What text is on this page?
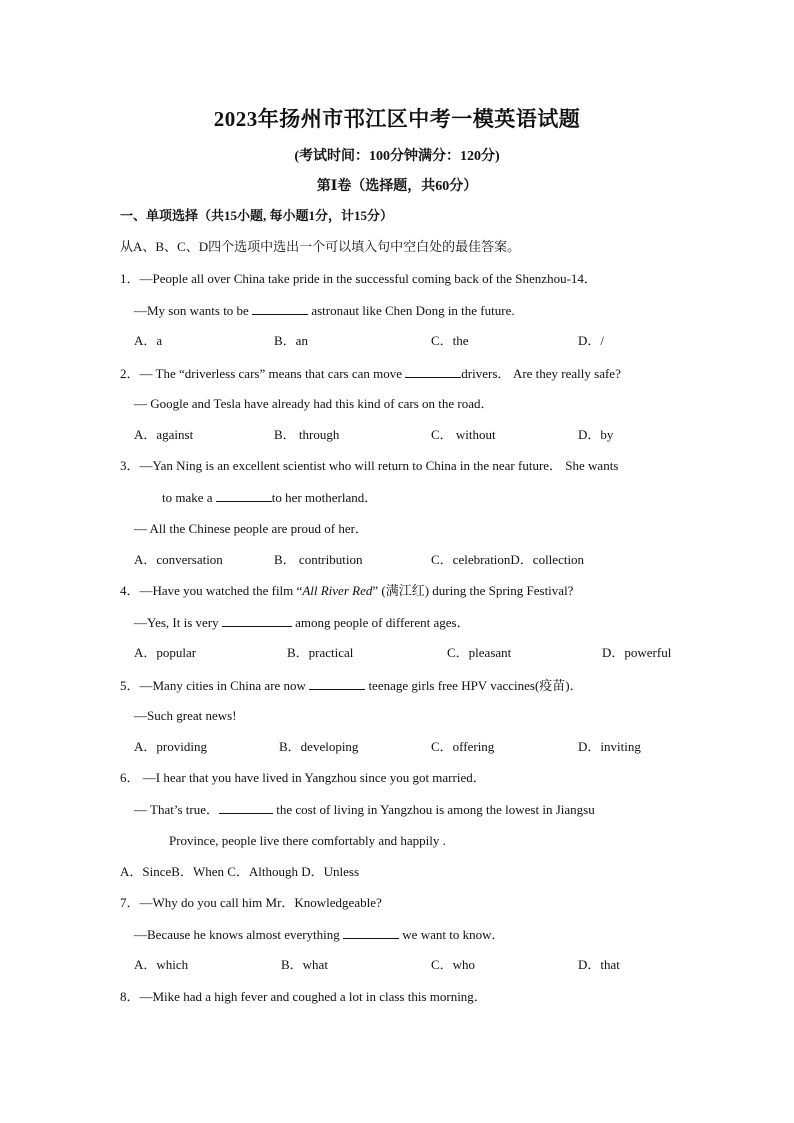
2023年扬州市邗江区中考一模英语试题
(考试时间：100分钟满分：120分)
第Ⅰ卷（选择题，共60分）
一、单项选择（共15小题, 每小题1分，计15分）
从A、B、C、D四个选项中选出一个可以填入句中空白处的最佳答案。
1．—People all over China take pride in the successful coming back of the Shenzhou-14．
—My son wants to be	astronaut like Chen Dong in the future.
A．a	B．an	C．the	D．/
2．— The “driverless cars” means that cars can move	drivers． Are they really safe?
— Google and Tesla have already had this kind of cars on the road．
A．against	B． through	C． without	D．by
3．—Yan Ning is an excellent scientist who will return to China in the near future． She wants
to make a	to her motherland．
— All the Chinese people are proud of her．
A．conversation	B． contribution	C．celebrationD．collection
4．—Have you watched the film “All River Red” (满江红) during the Spring Festival?
—Yes, It is very	among people of different ages．
A．popular	B．practical	C．pleasant	D．powerful
5．—Many cities in China are now	teenage girls free HPV vaccines(疫苗)．
—Such great news!
A．providing	B．developing	C．offering	D．inviting
6． —I hear that you have lived in Yangzhou since you got married．
— That’s true．	the cost of living in Yangzhou is among the lowest in Jiangsu
Province, people live there comfortably and happily .
A．SinceB．When C．Although D．Unless
7．—Why do you call him Mr．Knowledgeable?
—Because he knows almost everything	we want to know．
A．which	B．what	C．who	D．that
8．—Mike had a high fever and coughed a lot in class this morning．
